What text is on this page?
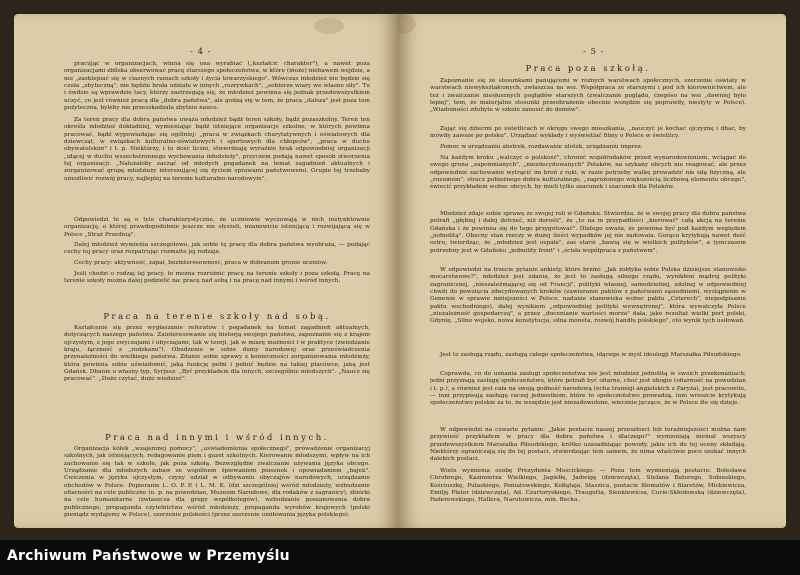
- 4 -

pracując w organizacjach, winna się ona wyrabiać („kształcić charakter"), a nawet poza organizacjami zbliska obserwować pracę starszego społeczeństwa, w które (może) niebawem wejdzie, a nie „zasklepiać się w ciasnych ramach szkoły i życia towarzyskiego". Wówczas młodzież nie będzie się czuła „zbyteczną", nie będzie brała udziału w innych „rozrywkach", „sobierze wiary we własne siły". Tu i ówdzie są wprawdzie tacy, którzy zastrzegają się, że młodzież powinna się jednak przedewszystkiem uczyć, co jest również pracą dla „dobra państwa", ale godzą się w tem, że praca „dalsza" jest poza tem pożyteczna, byleby nie przeszkadzała zbytnio nauce.

Za teren pracy dla dobra państwa uważa młodzież bądź teren szkoły, bądź pozaszkolny. Teren ten określa młodzież dokładniej, wymieniając bądź istniejące organizacje szkolne, w których powinna pracować, bądź wypowiadając się ogólniej: „praca w związkach charytatywnych i oświatowych dla dziewcząt, w związkach kulturalno-oświatowych i sportowych dla chłopców", „praca w duchu obywatelskim" i t. p. Niektórzy, i to dość liczni, stwierdzają wyraźnie brak odpowiedniej organizacji „idącej w duchu wszechstronnego wychowania młodzieży", przyczem podają nawet sposób stworzenia tej organizacji: „Należałoby zacząć od młodych pogadanek na temat zagadnień aktualnych i zorganizować grupę młodzieży interesującej się życiem sprawami państwowemi. Grupie tej trzebaby umożliwić rozwój pracy, najlepiej na terenie kulturalno-narodowym".

Odpowiedzi te są o tyle charakterystyczne, że uczniowie wyczuwają w nich instynktownie organizację, o której prawdopodobnie jeszcze nie słyszeli, mianowicie istniejącą i rozwijającą się w Polsce „Straż Przednią".

Dalej młodzież wymienia szczegółowo, jak sobie tę pracę dla dobra państwa wyobraża, — podając cechy tej pracy oraz rozpatrując rozmaite jej rodzaje.

Cechy pracy: aktywność, zapał, bezinteresowność, praca w dobranem gronie uczniów.

Jeśli chodzi o rodzaj tej pracy, to można rozróżnić pracę na terenie szkoły i poza szkołą. Pracę na terenie szkoły można dalej podzielić na: pracę nad sobą i na pracę nad innymi i wśród innych.

Praca na terenie szkoły nad sobą.

Kształcenie się przez wygłaszanie referatów i pogadanek na temat zagadnień aktualnych, dotyczących naszego państwa. Zainteresowanie się historją swojego państwa, zapoznanie się z krajem ojczystym, z jego zwyczajami i obyczajami, tak w teorji, jak w miarę możności i w praktyce (zwiedzanie kraju, łączność z „rodzkami"). Obudzenie w sobie dumy narodowej oraz przeświadczenia przynależności do wielkiego państwa. Zdanie sobie sprawy z konieczności zorganizowania młodzieży, która powinna sobie uświadomić, jaką funkcję pełni i pełnić będzie na takiej placówce, jaką jest Gdańsk. Dbanie o własny typ, Syrjusz: „Być przykładem dla innych, szczególnie młodszych". „Naucz się pracować". „Dużo czytać, dużo wiedzieć".

Praca nad innymi i wśród innych.

Organizacja kółek „wzajemnej pomocy", „uświadomienia społecznego", prowadzenie organizacyj szkolnych, jak istniejących, redagowanie pism i gazet szkolnych. Kierowanie młodszymi, wpływ na ich zachowanie się tak w szkole, jak poza szkołą. Bezwzględne zwalczanie używania języka obcego. Urządzanie dla młodszych zabaw ze wspólnem śpiewaniem piosenek i opowiadaniem „bajek". Ćwiczenia w języku ojczystym, czyny udział w odbywaniu obyczajów narodowych, urządzanie obchodów w Polsce. Popieranie L. O. P. P. i L. M. K. (dzi szczególniej wśród młodzieży, wzbudzanie ofiarności na cele publiczne (n. p. na powodzian, Muzeum Narodowe, dla rodaków z zagranicy), zbiórki na cele humanitarne (zwłaszcza dla grupy współkolegów), wzbudzanie poszanowania dobra publicznego, propaganda czytelnictwa wśród młodzieży, propaganda wyrobów krajowych (polski pieniądz wydajemy w Polsce), szerzenie polskości (przez szerzenie umiłowania języka polskiego).

- 5 -
Praca poza szkołą.

Zapoznanie się ze stosunkami panującemi w różnych warstwach społecznych, szerzenie oświaty w warstwach niewykształconych, zwłaszcza na wsi. Współpraca ze starszymi i pod ich kierownictwem, ale też i zwalczanie niesłusznych poglądów starszych (zwalczanie poglądu, ćzegóso na wsi „dawniej było lepiej", tem, że materjalne stosunki przeobrażenie obecnie wszędzie się poprawiły, niestyty w Polsce). „Wiadomości zdobyte w szkole zanosić do domów".

Zająć się dziećmi po świetlicach w okręgu swego mieszkania, „nauczyć je kochać ojczyznę i dbać, by mówiły zawsze po polsku". Urządzać wykłady i wyświetlać filmy o Polsce w świetlicy.

Pomoc w urządzaniu abstrek, rozdawanie ulotek, urządzaniu imprez.

Na kaźdym kroku „walczyć o polskość", chronić współrodaków przed wynarodowieniem, wciągać do swego grona „zapomnianych", „niezdecydowanych" Polaków, na szykany obcych nie reagować, ale przez odpowiednie zachowanie wytrącić im broń z ręki, w razie potrzeby walkę prowadzić nie siłą fizyczną, ale „rozumem", stracz pobieżnego dobra kulturalnego, „zagrożonego większością liczbową elementu obcego", świecić przykładem wobec obcych, by mieli tylko szacunek i szacunek dla Polaków.

Młodzież zdaje sobie sprawę ze swojej roli w Gdańsku. Stwierdza, że w swojej pracy dla dobra państwa potrafi „głębiej i dalej dotrzeć, niż dorośli", że „to na m przypadłości „kierować" całą akcją na terenie Gdańska i że powinna się do tego przygotować". Dlatego uważa, że powinna być pod każdym względem „jednolitą". Obecny stan rzeczy w dużej ilości wypadków jej nie zadowala. Gorąco krytykują nawet dość ostro, twierdząc, że „młodzież jest ospała", zaś starsi „bawią się w wielkich polityków", a tymczasem potrzebny jest w Gdańsku „jednolity front" i „ścisła współpraca z państwem".

W odpowiedzi na trzecie pytanie ankiety, które brzmi: „Jak żołdyka sobie Polska dzisiejsze stanowisko mocarstwowe?", młodzież jest zdania, że jest to zasługą silnego rządu, wynikłem mądrej polityki zagranicznej, „nieszaleźniającej się od Francji", polityki własnej, samodzielnej, zdolnej w odpowiedniej chwili do powzięcia zdecydowanych kroków (zawieranie paktów z państwami sąsiedniemi, wystąpienie w Genewie w sprawie mniejszości w Polsce, nadanie stanowiska wobec paktu „Czterech", niepodpisanie paktu wschodniego), dalej wynikiem „odpowiedniej polityki wewnętrznej", która wywalczyła Polsce „niezależność gospodarczą", a przez „docenianie wartości morza" dała, jako rezultat wielki port polski, Gdynię. „Silne wojsko, nowa konstytucja, silna moneta, rozwój handlu polskiego", oto wynik tych usiłowań.

Jest to zasługą rządu, zasługą całego społeczeństwa, idącego w myśl ideologji Marszałka Piłsudskiego.

Coprawda, co do uznania zasługi społeczeństwa nie jest młodzież jednolitą w swoich przekonaniach; jedni przyznają zasługę społeczeństwu, które potrafi być ofiarne, choć jest ubogie (ofiarność na powodzian i t. p.), a również jest cała na swoją godność narodową (echa tramisji angielskich z Paryża), jest pracowite, — inni przypisują zasługę raczej jednostkom, które to społeczeństwo prowadzą, inni wreszcie krytykują społeczeństwo polskie za to, że wszędzie jest niezadowolone, wiecznie jęczące, że w Polsce źle się dzieje.

W odpowiedzi na czwarte pytanie: „Jakie postacie naszej przeszłości lub teraźniejszości można nam przywieść przykładem w pracy dla dobra państwa i dlaczego?" wymieniają niemal wszyscy przedewszystkiem Marszałka Piłsudskiego, krótko uzasadniając powody, jakie ich do tej oceny składają. Niektórzy ograniczają się do tej postaci, stwierdzając tem samem, że nima właściwie poco szukać innych dalekich postaci.

Wielu wymienia osobę Prezydenta Mościckiego. — Poza tem wymieniają postacie: Bolesława Chrobrego, Kazimierza Wielkiego, Jagiełłę, Jadwigę (dziewczęta), Stefana Batorego, Sobieskiego, Kościuszkę, Pułaskiego, Poniatowskiego, Kołłątaja, Staszica, postacie filomatów i filaretów, Mickiewicza, Emilję Plater (dziewczęta), Ad. Czartoryskiego, Traugutta, Sienkiewicza, Curie-Skłodowską (dziewczęta), Paderewskiego, Hallera, Narutowicza, min. Becka.

Archiwum Państwowe w Przemyślu
